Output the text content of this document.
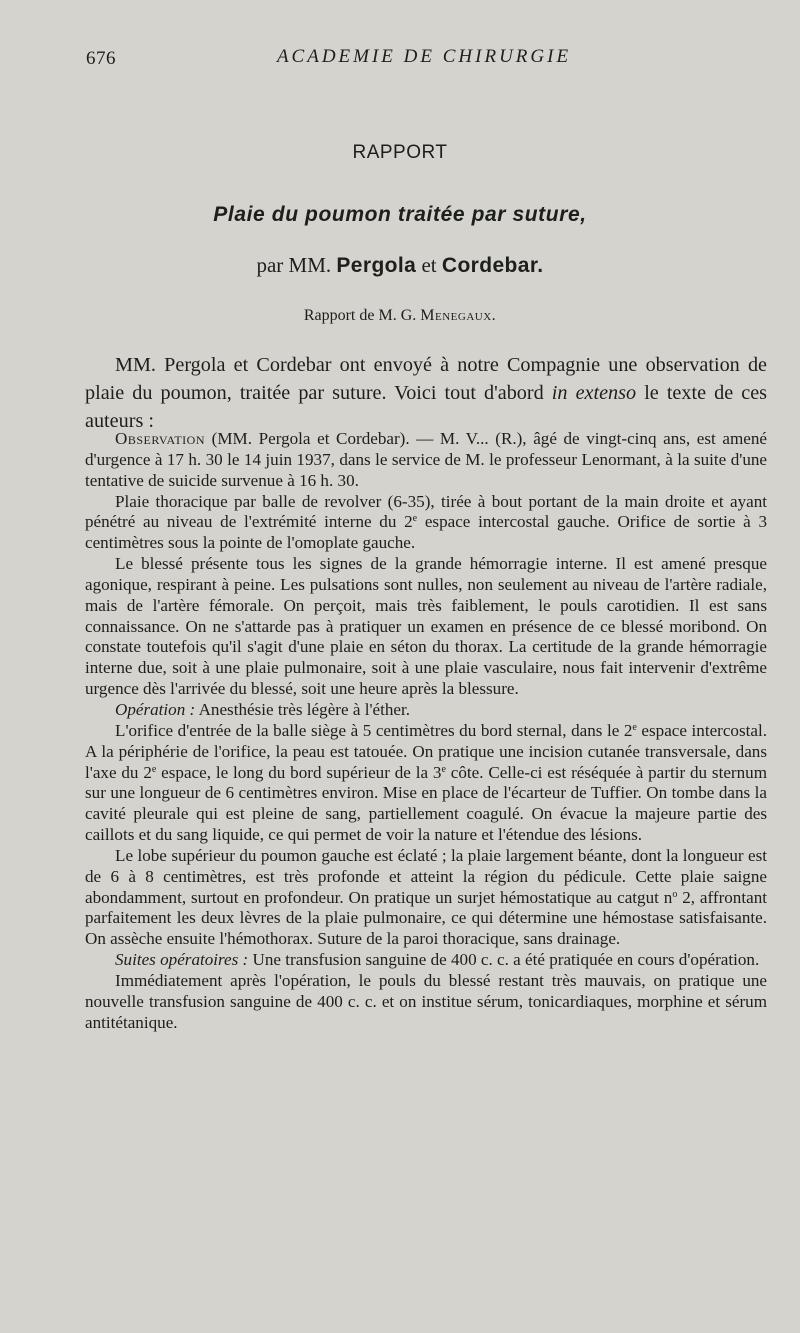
676	ACADEMIE DE CHIRURGIE
RAPPORT
Plaie du poumon traitée par suture,
par MM. Pergola et Cordebar.
Rapport de M. G. Menegaux.

MM. Pergola et Cordebar ont envoyé à notre Compagnie une observation de plaie du poumon, traitée par suture. Voici tout d'abord in extenso le texte de ces auteurs :

Observation (MM. Pergola et Cordebar). — M. V... (R.), âgé de vingt-cinq ans, est amené d'urgence à 17 h. 30 le 14 juin 1937, dans le service de M. le professeur Lenormant, à la suite d'une tentative de suicide survenue à 16 h. 30.

Plaie thoracique par balle de revolver (6-35), tirée à bout portant de la main droite et ayant pénétré au niveau de l'extrémité interne du 2e espace intercostal gauche. Orifice de sortie à 3 centimètres sous la pointe de l'omoplate gauche.

Le blessé présente tous les signes de la grande hémorragie interne. Il est amené presque agonique, respirant à peine. Les pulsations sont nulles, non seulement au niveau de l'artère radiale, mais de l'artère fémorale. On perçoit, mais très faiblement, le pouls carotidien. Il est sans connaissance. On ne s'attarde pas à pratiquer un examen en présence de ce blessé moribond. On constate toutefois qu'il s'agit d'une plaie en séton du thorax. La certitude de la grande hémorragie interne due, soit à une plaie pulmonaire, soit à une plaie vasculaire, nous fait intervenir d'extrême urgence dès l'arrivée du blessé, soit une heure après la blessure.

Opération : Anesthésie très légère à l'éther.

L'orifice d'entrée de la balle siège à 5 centimètres du bord sternal, dans le 2e espace intercostal. A la périphérie de l'orifice, la peau est tatouée. On pratique une incision cutanée transversale, dans l'axe du 2e espace, le long du bord supérieur de la 3e côte. Celle-ci est réséquée à partir du sternum sur une longueur de 6 centimètres environ. Mise en place de l'écarteur de Tuffier. On tombe dans la cavité pleurale qui est pleine de sang, partiellement coagulé. On évacue la majeure partie des caillots et du sang liquide, ce qui permet de voir la nature et l'étendue des lésions.

Le lobe supérieur du poumon gauche est éclaté ; la plaie largement béante, dont la longueur est de 6 à 8 centimètres, est très profonde et atteint la région du pédicule. Cette plaie saigne abondamment, surtout en profondeur. On pratique un surjet hémostatique au catgut $n^o$ 2, affrontant parfaitement les deux lèvres de la plaie pulmonaire, ce qui détermine une hémostase satisfaisante. On assèche ensuite l'hémothorax. Suture de la paroi thoracique, sans drainage.

Suites opératoires : Une transfusion sanguine de 400 c. c. a été pratiquée en cours d'opération.

Immédiatement après l'opération, le pouls du blessé restant très mauvais, on pratique une nouvelle transfusion sanguine de 400 c. c. et on institue sérum, tonicardiaques, morphine et sérum antitétanique.
